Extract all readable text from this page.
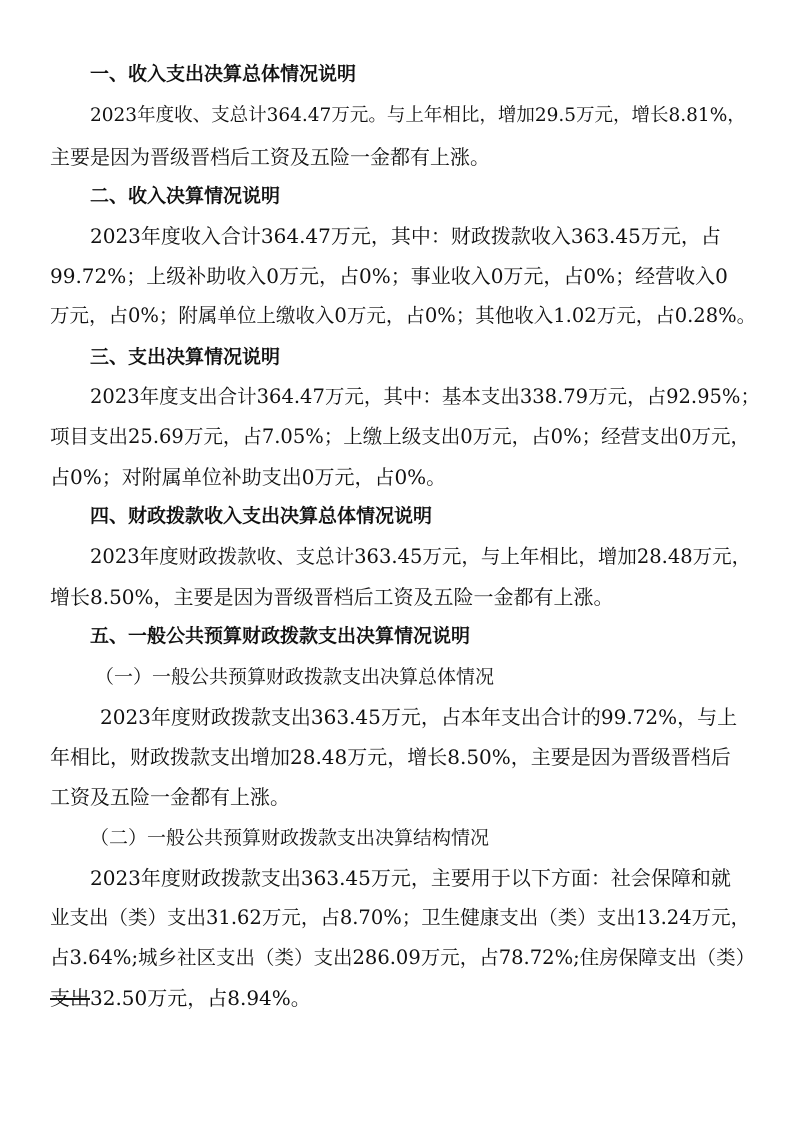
一、收入支出决算总体情况说明
2023年度收、支总计364.47万元。与上年相比，增加29.5万元，增长8.81%，
主要是因为晋级晋档后工资及五险一金都有上涨。
二、收入决算情况说明
2023年度收入合计364.47万元，其中：财政拨款收入363.45万元，占
99.72%；上级补助收入0万元，占0%；事业收入0万元，占0%；经营收入0
万元，占0%；附属单位上缴收入0万元，占0%；其他收入1.02万元，占0.28%。
三、支出决算情况说明
2023年度支出合计364.47万元，其中：基本支出338.79万元，占92.95%；
项目支出25.69万元，占7.05%；上缴上级支出0万元，占0%；经营支出0万元，
占0%；对附属单位补助支出0万元，占0%。
四、财政拨款收入支出决算总体情况说明
2023年度财政拨款收、支总计363.45万元，与上年相比，增加28.48万元，
增长8.50%，主要是因为晋级晋档后工资及五险一金都有上涨。
五、一般公共预算财政拨款支出决算情况说明
（一）一般公共预算财政拨款支出决算总体情况
2023年度财政拨款支出363.45万元，占本年支出合计的99.72%，与上
年相比，财政拨款支出增加28.48万元，增长8.50%，主要是因为晋级晋档后
工资及五险一金都有上涨。
（二）一般公共预算财政拨款支出决算结构情况
2023年度财政拨款支出363.45万元，主要用于以下方面：社会保障和就
业支出（类）支出31.62万元，占8.70%；卫生健康支出（类）支出13.24万元，
占3.64%;城乡社区支出（类）支出286.09万元，占78.72%;住房保障支出（类）
支出32.50万元，占8.94%。
